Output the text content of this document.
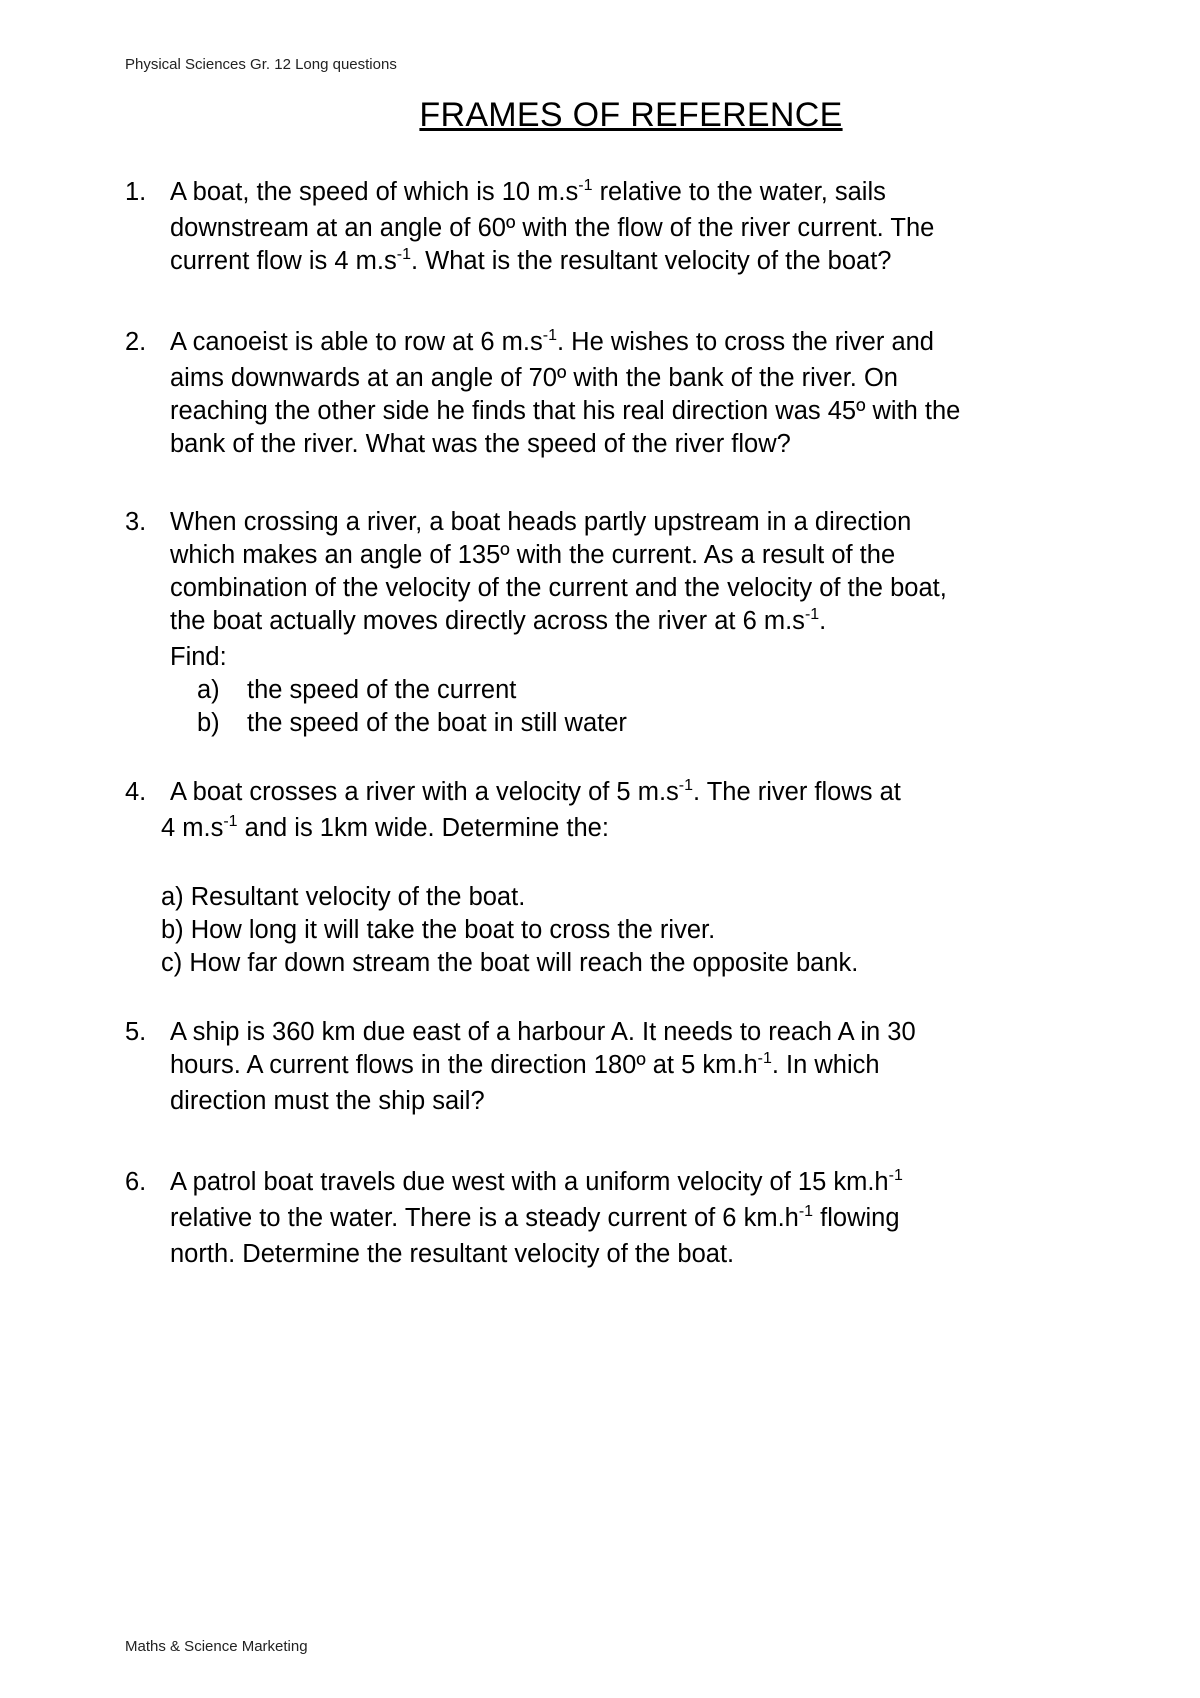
Physical Sciences Gr. 12 Long questions
FRAMES OF REFERENCE
1. A boat, the speed of which is 10 $m.s^{-1}$ relative to the water, sails
downstream at an angle of 60º with the flow of the river current. The
current flow is 4 $m.s^{-1}$. What is the resultant velocity of the boat?
2. A canoeist is able to row at 6 $m.s^{-1}$. He wishes to cross the river and
aims downwards at an angle of 70º with the bank of the river. On
reaching the other side he finds that his real direction was 45º with the
bank of the river. What was the speed of the river flow?
3. When crossing a river, a boat heads partly upstream in a direction
which makes an angle of 135º with the current. As a result of the
combination of the velocity of the current and the velocity of the boat,
the boat actually moves directly across the river at 6 $m.s^{-1}$.
Find:
a) the speed of the current
b) the speed of the boat in still water
4. A boat crosses a river with a velocity of 5 $m.s^{-1}$. The river flows at
4 $m.s^{-1}$ and is 1km wide. Determine the:
a) Resultant velocity of the boat.
b) How long it will take the boat to cross the river.
c) How far down stream the boat will reach the opposite bank.
5. A ship is 360 km due east of a harbour A. It needs to reach A in 30
hours. A current flows in the direction 180º at 5 $km.h^{-1}$. In which
direction must the ship sail?
6. A patrol boat travels due west with a uniform velocity of 15 $km.h^{-1}$
relative to the water. There is a steady current of 6 $km.h^{-1}$ flowing
north. Determine the resultant velocity of the boat.
Maths & Science Marketing
